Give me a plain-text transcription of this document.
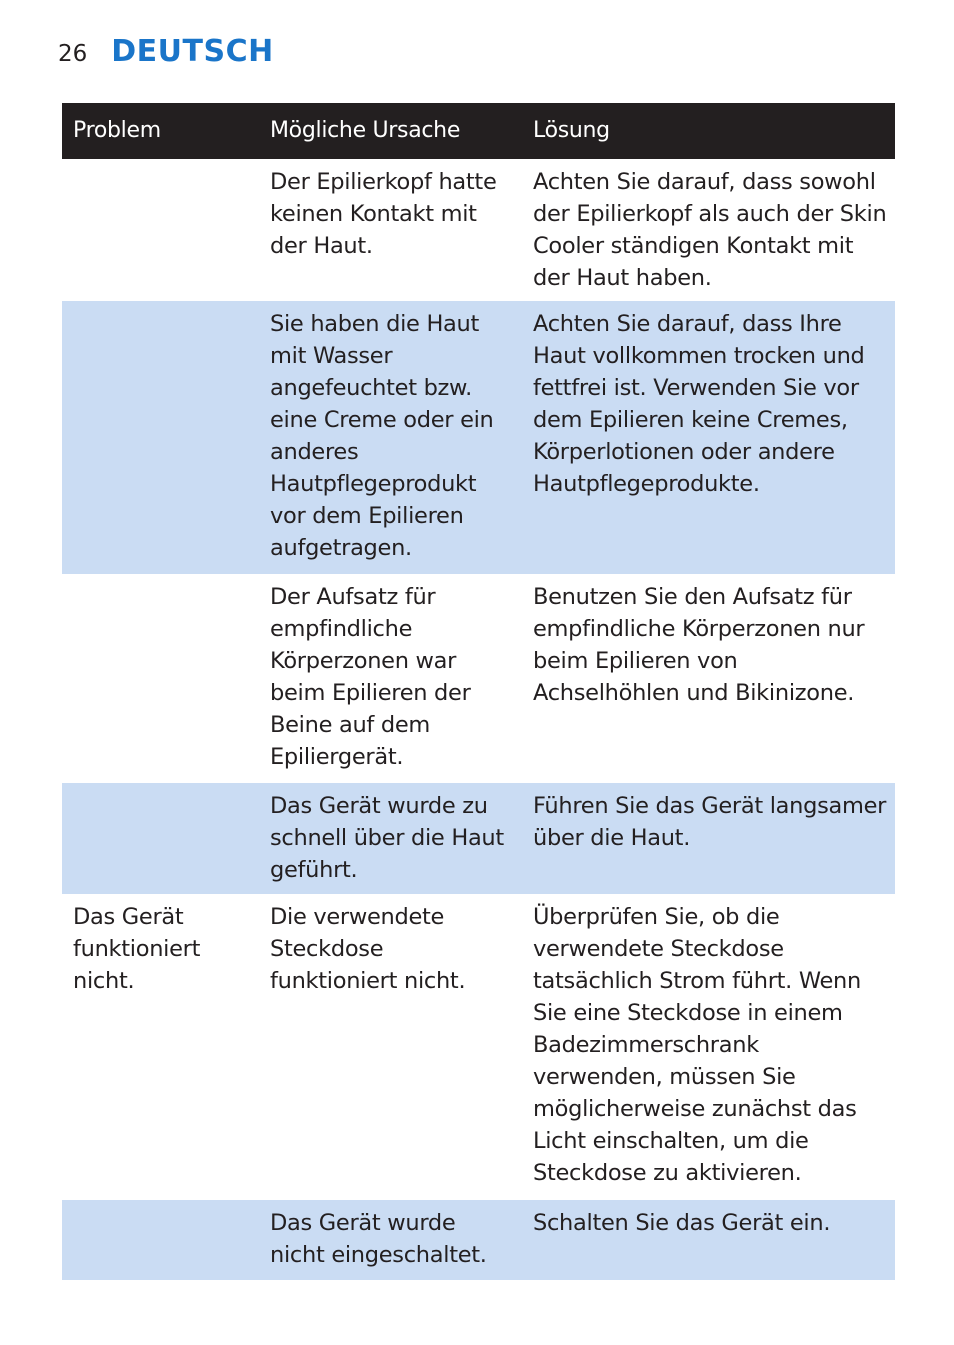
26 DEUTSCH
Problem	Mögliche Ursache	Lösung
Der Epilierkopf hatte keinen Kontakt mit der Haut.
Achten Sie darauf, dass sowohl der Epilierkopf als auch der Skin Cooler ständigen Kontakt mit der Haut haben.
Sie haben die Haut mit Wasser angefeuchtet bzw. eine Creme oder ein anderes Hautpflegeprodukt vor dem Epilieren aufgetragen.
Achten Sie darauf, dass Ihre Haut vollkommen trocken und fettfrei ist. Verwenden Sie vor dem Epilieren keine Cremes, Körperlotionen oder andere Hautpflegeprodukte.
Der Aufsatz für empfindliche Körperzonen war beim Epilieren der Beine auf dem Epiliergerät.
Benutzen Sie den Aufsatz für empfindliche Körperzonen nur beim Epilieren von Achselhöhlen und Bikinizone.
Das Gerät wurde zu schnell über die Haut geführt.
Führen Sie das Gerät langsamer über die Haut.
Das Gerät funktioniert nicht.
Die verwendete Steckdose funktioniert nicht.
Überprüfen Sie, ob die verwendete Steckdose tatsächlich Strom führt. Wenn Sie eine Steckdose in einem Badezimmerschrank verwenden, müssen Sie möglicherweise zunächst das Licht einschalten, um die Steckdose zu aktivieren.
Das Gerät wurde nicht eingeschaltet.
Schalten Sie das Gerät ein.
